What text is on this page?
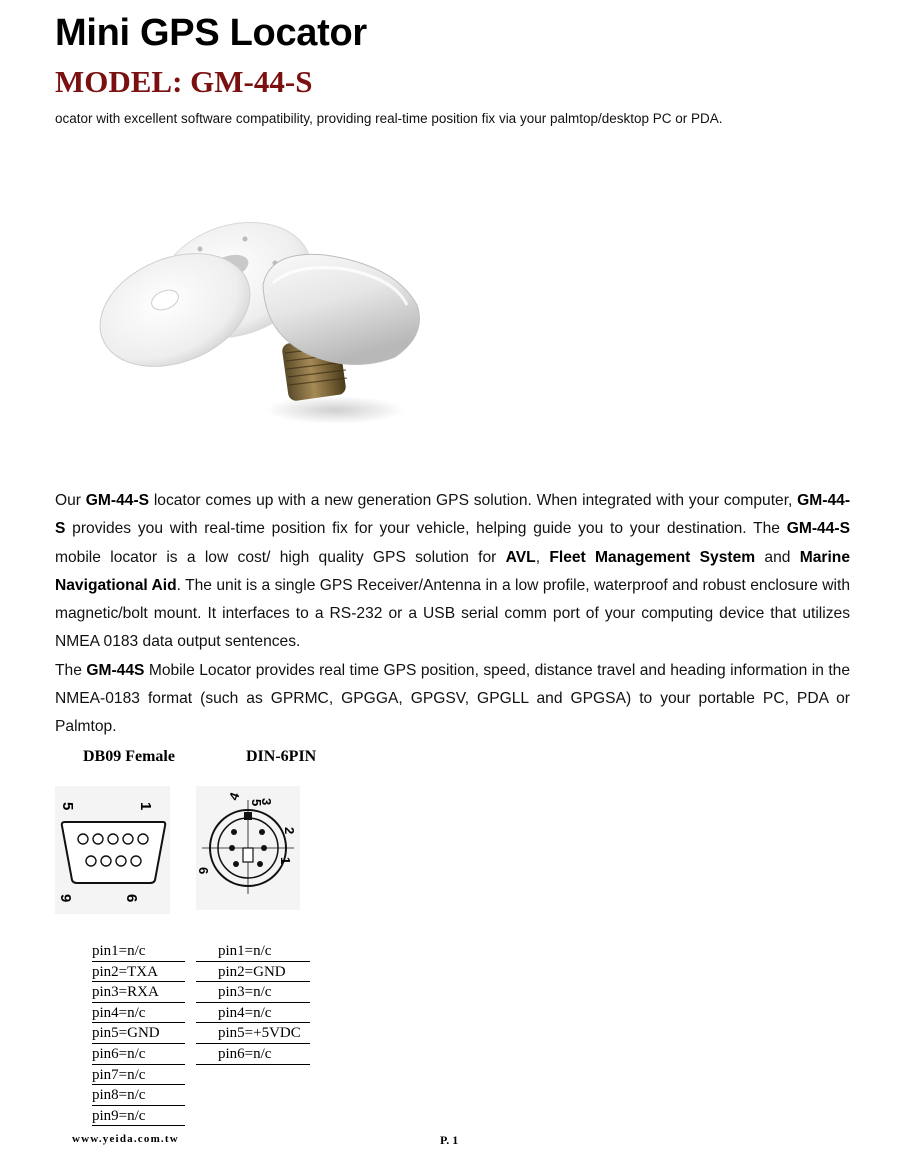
Mini GPS Locator
MODEL: GM-44-S
ocator with excellent software compatibility, providing real-time position fix via your palmtop/desktop PC or PDA.

Our GM-44-S locator comes up with a new generation GPS solution. When integrated with your computer, GM-44-S provides you with real-time position fix for your vehicle, helping guide you to your destination. The GM-44-S mobile locator is a low cost/ high quality GPS solution for AVL, Fleet Management System and Marine Navigational Aid. The unit is a single GPS Receiver/Antenna in a low profile, waterproof and robust enclosure with magnetic/bolt mount. It interfaces to a RS-232 or a USB serial comm port of your computing device that utilizes NMEA 0183 data output sentences.

The GM-44S Mobile Locator provides real time GPS position, speed, distance travel and heading information in the NMEA-0183 format (such as GPRMC, GPGGA, GPGSV, GPGLL and GPGSA) to your portable PC, PDA or Palmtop.

DB09 Female	DIN-6PIN
5	1
9	6
4
5
3
2
1
6
pin1=n/c
pin2=TXA
pin3=RXA
pin4=n/c
pin5=GND
pin6=n/c
pin7=n/c
pin8=n/c
pin9=n/c
pin1=n/c
pin2=GND
pin3=n/c
pin4=n/c
pin5=+5VDC
pin6=n/c
www.yeida.com.tw	P. 1
